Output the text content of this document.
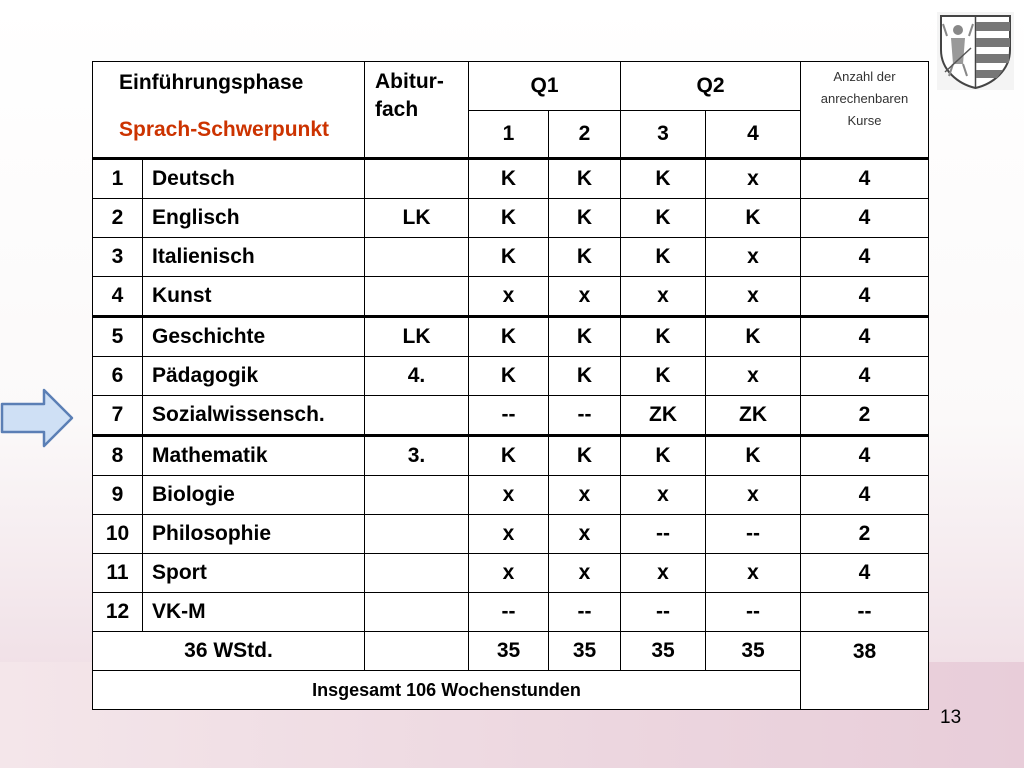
Einführungsphase
Sprach-Schwerpunkt		Abitur-
fach	Q1		Q2		Anzahl der
anrechenbaren
Kurse
			1	2	3	4	
1	Deutsch		K	K	K	x	4
2	Englisch	LK	K	K	K	K	4
3	Italienisch		K	K	K	x	4
4	Kunst		x	x	x	x	4
5	Geschichte	LK	K	K	K	K	4
6	Pädagogik	4.	K	K	K	x	4
7	Sozialwissensch.		--	--	ZK	ZK	2
8	Mathematik	3.	K	K	K	K	4
9	Biologie		x	x	x	x	4
10	Philosophie		x	x	--	--	2
11	Sport		x	x	x	x	4
12	VK-M		--	--	--	--	--
36 WStd.			35	35	35	35	38
Insgesamt 106 Wochenstunden							
13
